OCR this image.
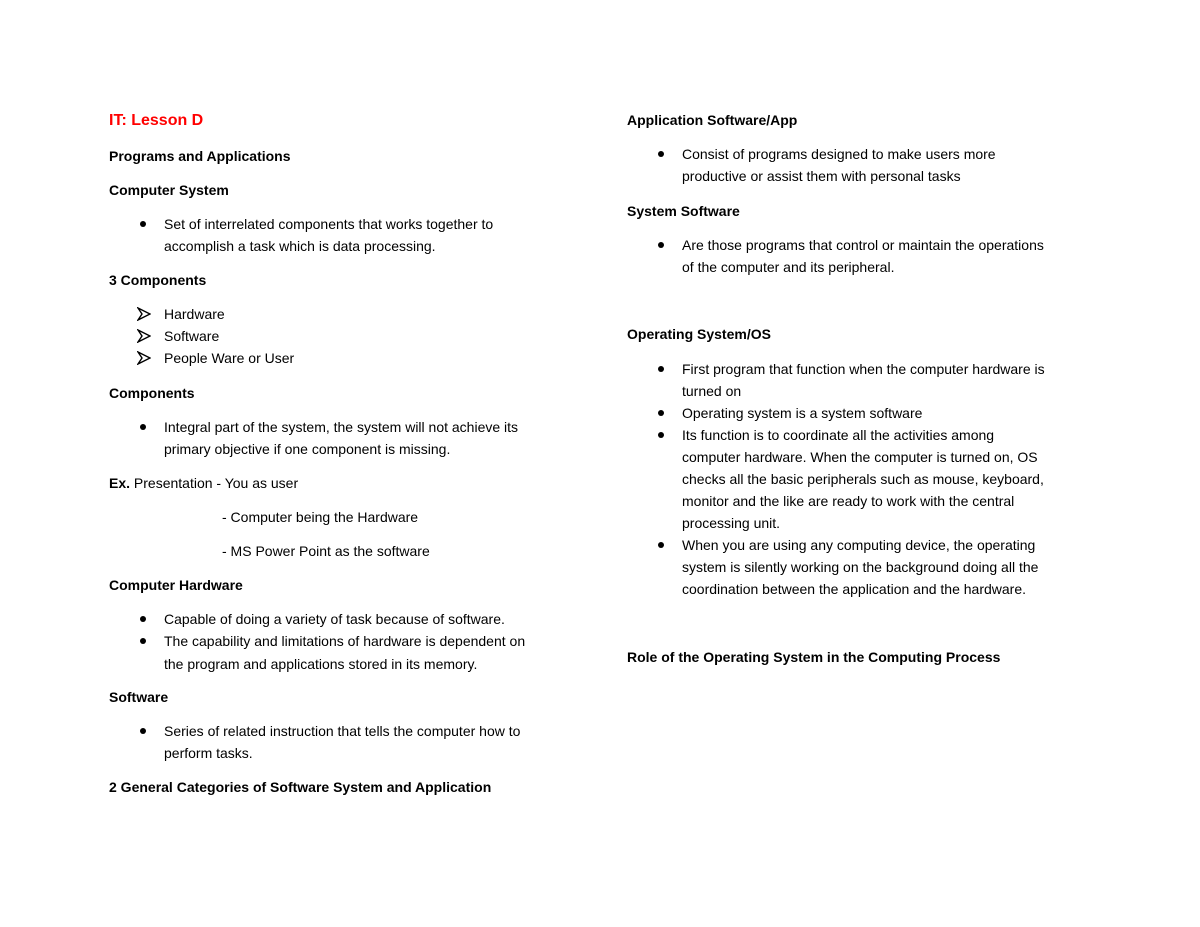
IT: Lesson D
Programs and Applications
Computer System
Set of interrelated components that works together to
accomplish a task which is data processing.
3 Components
Hardware
Software
People Ware or User
Components
Integral part of the system, the system will not achieve its
primary objective if one component is missing.
Ex. Presentation - You as user
- Computer being the Hardware
- MS Power Point as the software
Computer Hardware
Capable of doing a variety of task because of software.
The capability and limitations of hardware is dependent on
the program and applications stored in its memory.
Software
Series of related instruction that tells the computer how to
perform tasks.
2 General Categories of Software System and Application
Application Software/App
Consist of programs designed to make users more
productive or assist them with personal tasks
System Software
Are those programs that control or maintain the operations
of the computer and its peripheral.
Operating System/OS
First program that function when the computer hardware is
turned on
Operating system is a system software
Its function is to coordinate all the activities among
computer hardware. When the computer is turned on, OS
checks all the basic peripherals such as mouse, keyboard,
monitor and the like are ready to work with the central
processing unit.
When you are using any computing device, the operating
system is silently working on the background doing all the
coordination between the application and the hardware.
Role of the Operating System in the Computing Process
